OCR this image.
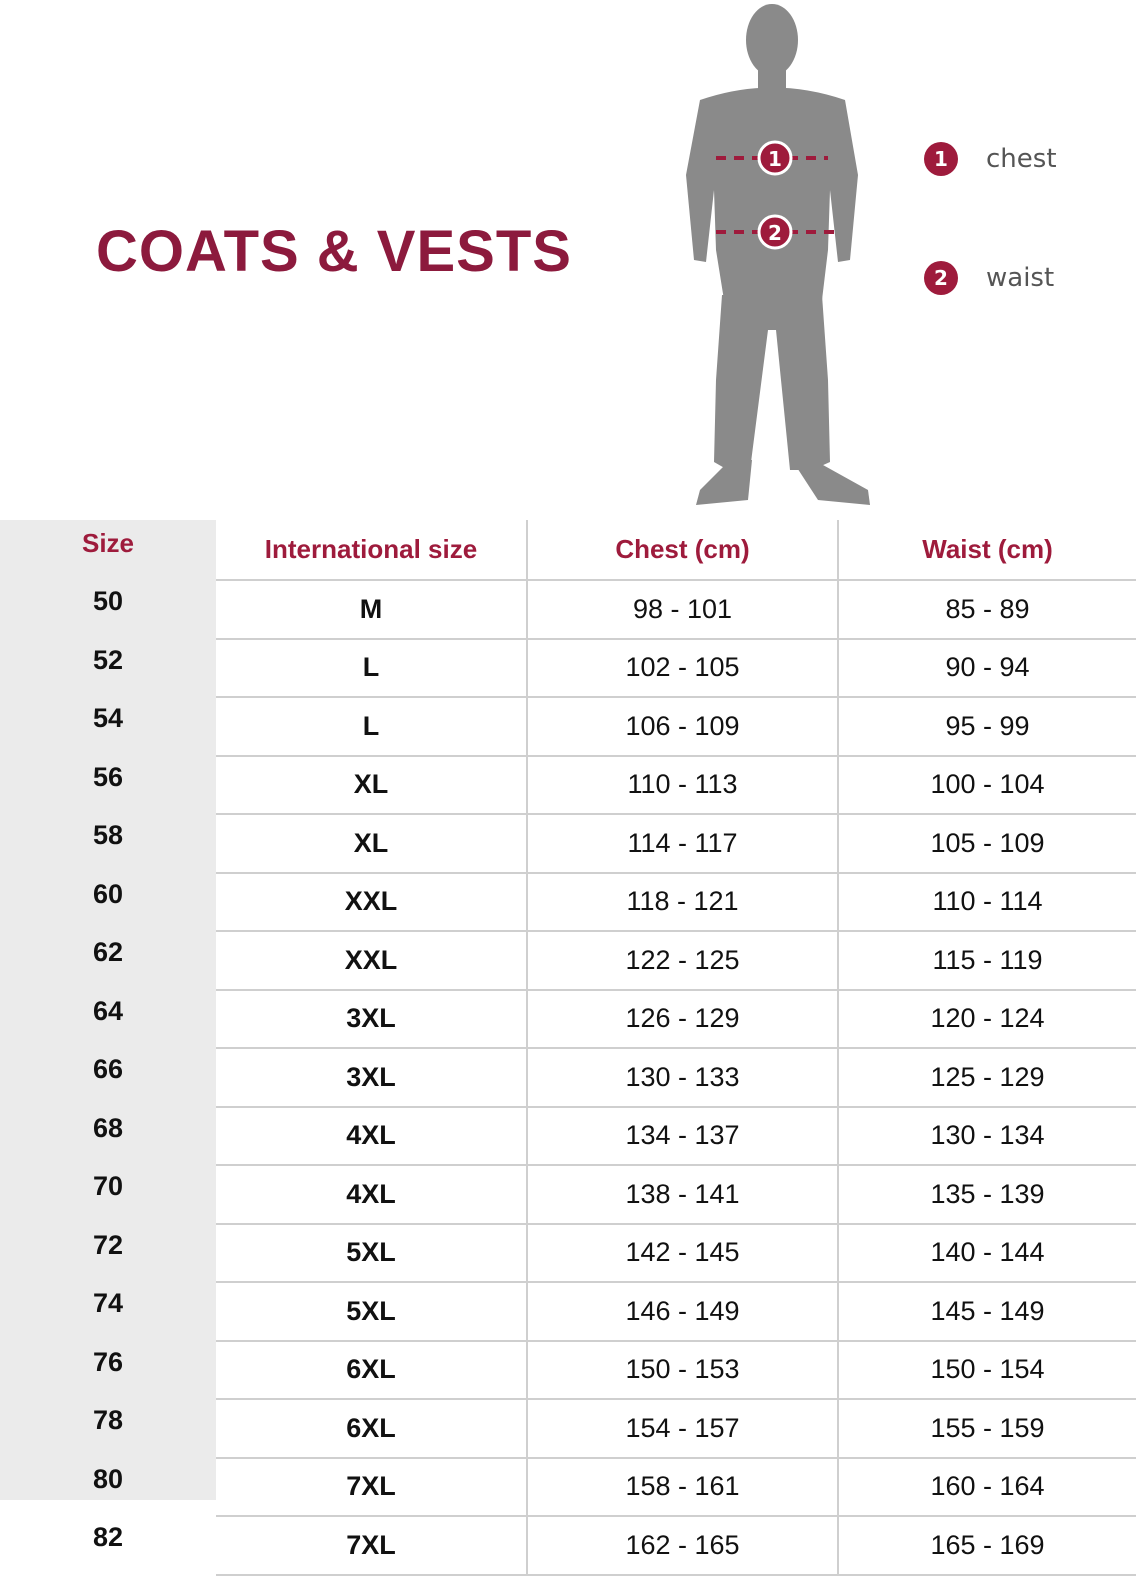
COATS & VESTS
1
2
1	chest
2	waist
Size	International size	Chest (cm)	Waist (cm)
50	M	98 - 101	85 - 89
52	L	102 - 105	90 - 94
54	L	106 - 109	95 - 99
56	XL	110 - 113	100 - 104
58	XL	114 - 117	105 - 109
60	XXL	118 - 121	110 - 114
62	XXL	122 - 125	115 - 119
64	3XL	126 - 129	120 - 124
66	3XL	130 - 133	125 - 129
68	4XL	134 - 137	130 - 134
70	4XL	138 - 141	135 - 139
72	5XL	142 - 145	140 - 144
74	5XL	146 - 149	145 - 149
76	6XL	150 - 153	150 - 154
78	6XL	154 - 157	155 - 159
80	7XL	158 - 161	160 - 164
82	7XL	162 - 165	165 - 169
